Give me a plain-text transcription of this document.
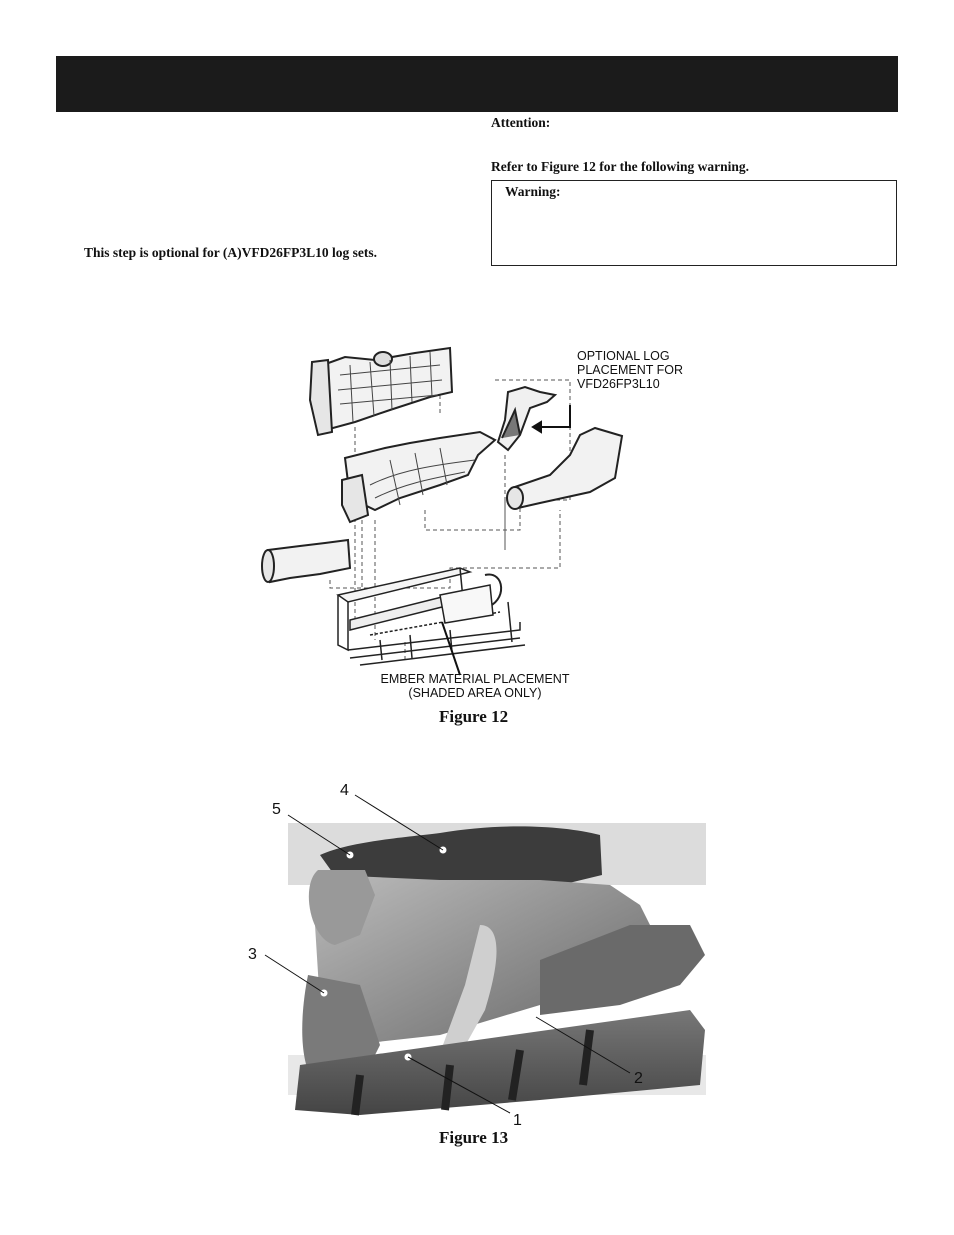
This step is optional for (A)VFD26FP3L10 log sets.
Attention:
Refer to Figure 12 for the following warning.
Warning:
OPTIONAL LOG
PLACEMENT FOR
VFD26FP3L10
EMBER MATERIAL PLACEMENT
(SHADED AREA ONLY)
Figure 12
1
2
3
4
5
Figure 13
